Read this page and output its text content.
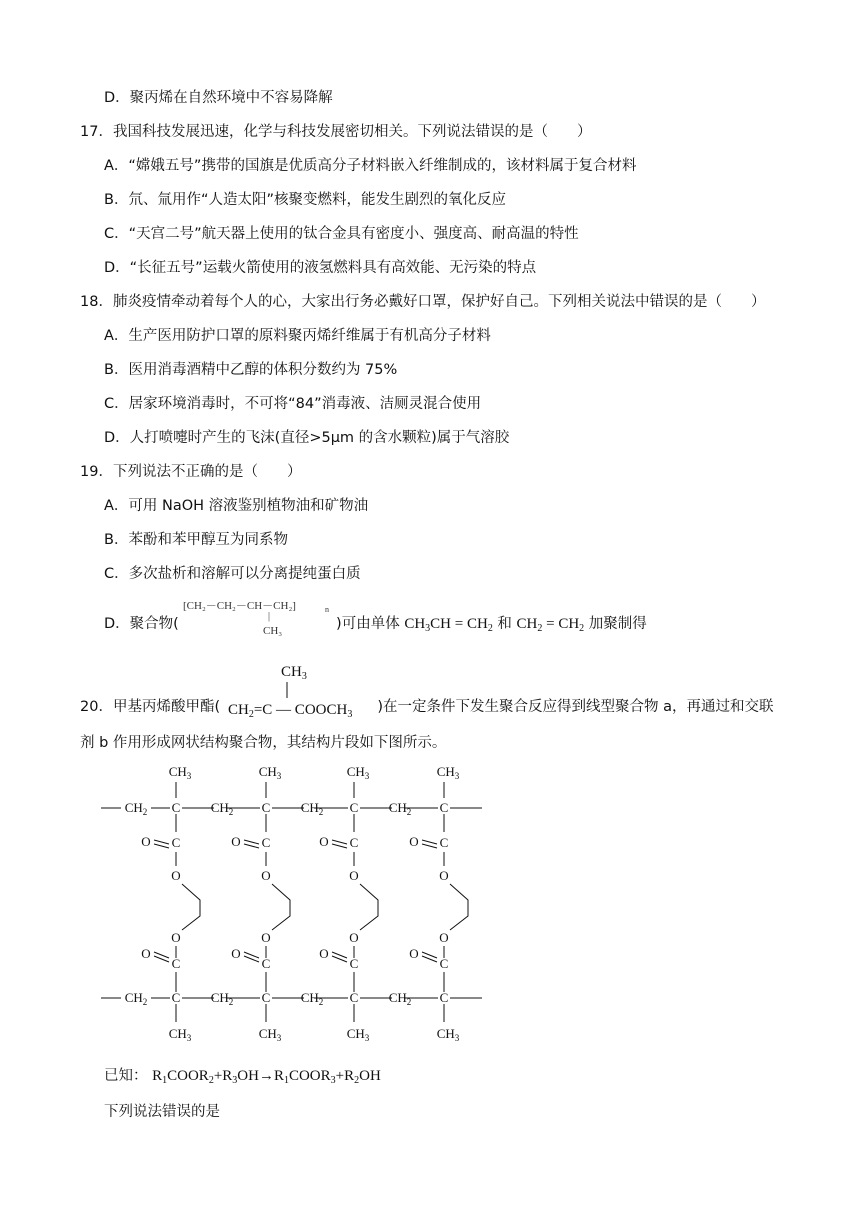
D．聚丙烯在自然环境中不容易降解
17．我国科技发展迅速，化学与科技发展密切相关。下列说法错误的是（　　）
A．“嫦娥五号”携带的国旗是优质高分子材料嵌入纤维制成的，该材料属于复合材料
B．氘、氚用作“人造太阳”核聚变燃料，能发生剧烈的氧化反应
C．“天宫二号”航天器上使用的钛合金具有密度小、强度高、耐高温的特性
D．“长征五号”运载火箭使用的液氢燃料具有高效能、无污染的特点
18．肺炎疫情牵动着每个人的心，大家出行务必戴好口罩，保护好自己。下列相关说法中错误的是（　　）
A．生产医用防护口罩的原料聚丙烯纤维属于有机高分子材料
B．医用消毒酒精中乙醇的体积分数约为 75%
C．居家环境消毒时，不可将“84”消毒液、洁厕灵混合使用
D．人打喷嚏时产生的飞沫(直径>5μm 的含水颗粒)属于气溶胶
19．下列说法不正确的是（　　）
A．可用 NaOH 溶液鉴别植物油和矿物油
B．苯酚和苯甲醇互为同系物
C．多次盐析和溶解可以分离提纯蛋白质
D．聚合物(	)可由单体 $CH_3CH = CH_2$ 和 $CH_2 = CH_2$ 加聚制得
[CH₂－CH₂－CH－CH₂]	n
|
CH₃
20．甲基丙烯酸甲酯(	)在一定条件下发生聚合反应得到线型聚合物 a，再通过和交联
$CH_3$
$CH_2=C$ — $COOCH_3$
剂 b 作用形成网状结构聚合物，其结构片段如下图所示。
$CH_2$ C $CH_2$ C $CH_2$ C $CH_2$ C
$CH_2$ C $CH_2$ C $CH_2$ C $CH_2$ C
$CH_3$
C
O
O
O
C
O
$CH_3$
$CH_3$
C
O
O
O
C
O
$CH_3$
$CH_3$
C
O
O
O
C
O
$CH_3$
$CH_3$
C
O
O
O
C
O
$CH_3$
已知： $R_1COOR_2+R_3OH\to R_1COOR_3+R_2OH$
下列说法错误的是
